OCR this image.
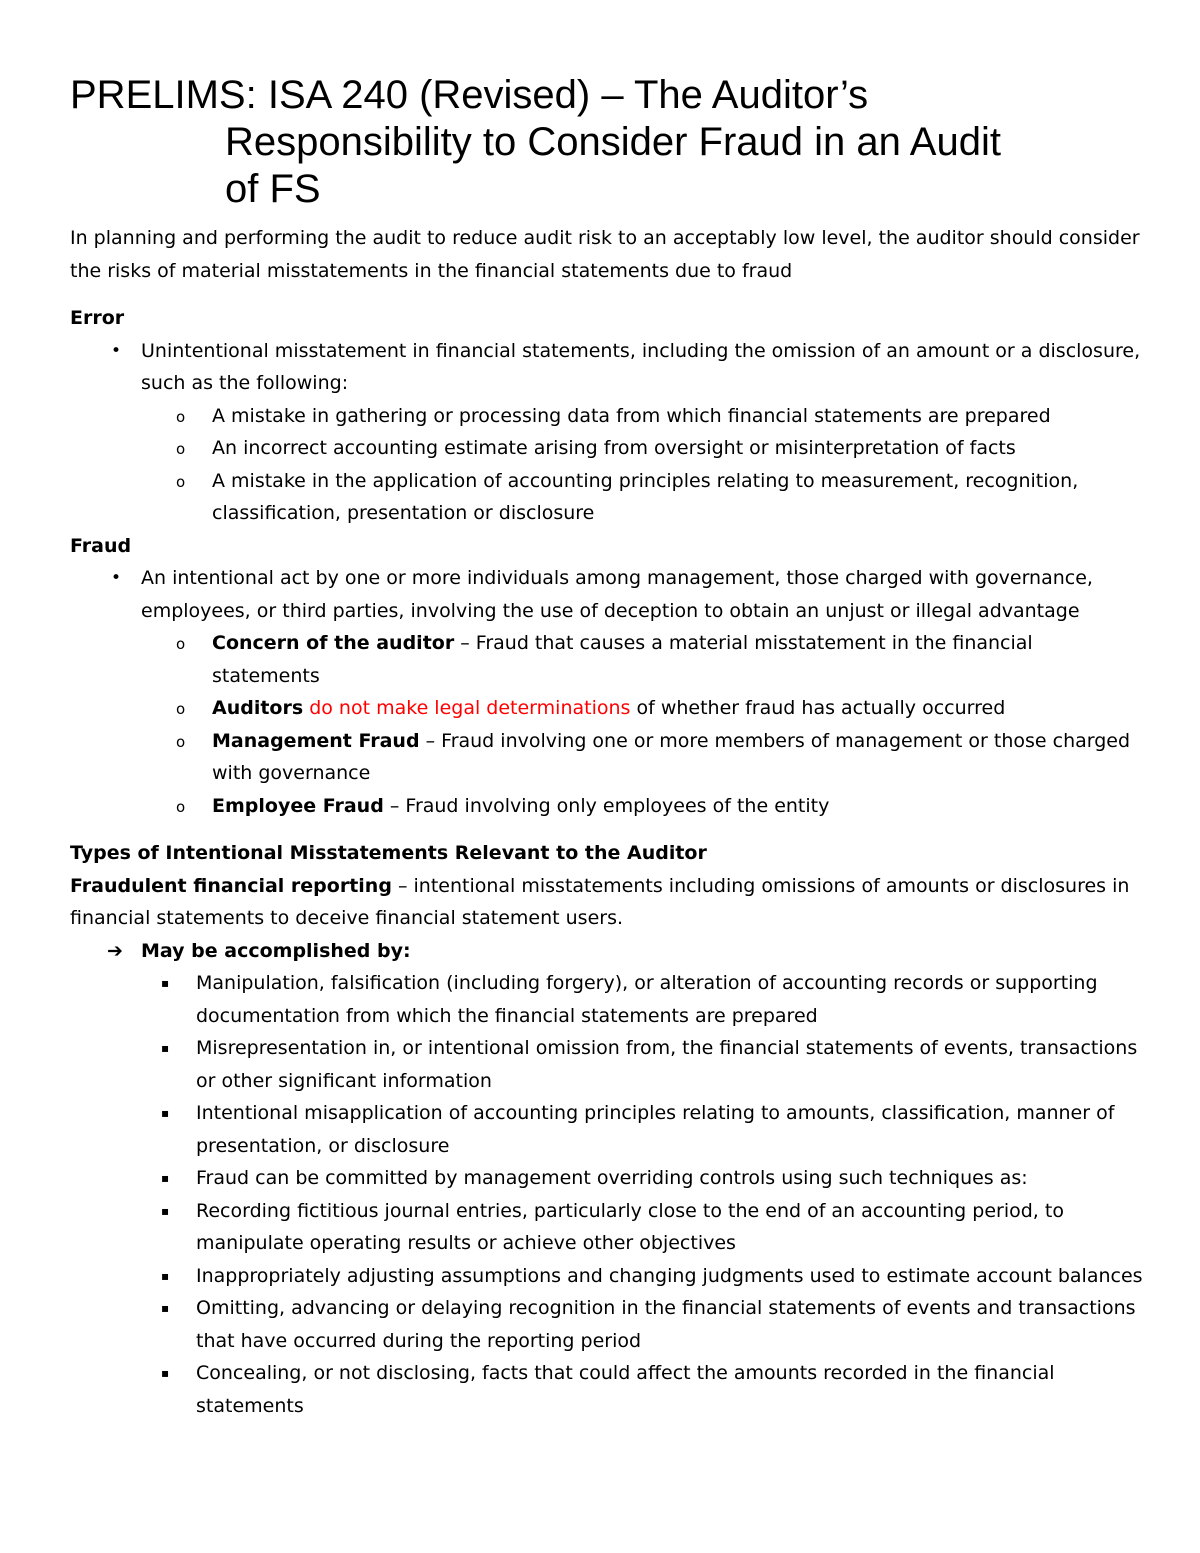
PRELIMS: ISA 240 (Revised) – The Auditor’s
Responsibility to Consider Fraud in an Audit
of FS

In planning and performing the audit to reduce audit risk to an acceptably low level, the auditor should consider the risks of material misstatements in the financial statements due to fraud

Error

• Unintentional misstatement in financial statements, including the omission of an amount or a disclosure, such as the following:
o A mistake in gathering or processing data from which financial statements are prepared
o An incorrect accounting estimate arising from oversight or misinterpretation of facts
o A mistake in the application of accounting principles relating to measurement, recognition, classification, presentation or disclosure

Fraud

• An intentional act by one or more individuals among management, those charged with governance, employees, or third parties, involving the use of deception to obtain an unjust or illegal advantage
o Concern of the auditor – Fraud that causes a material misstatement in the financial statements
o Auditors do not make legal determinations of whether fraud has actually occurred
o Management Fraud – Fraud involving one or more members of management or those charged with governance
o Employee Fraud – Fraud involving only employees of the entity

Types of Intentional Misstatements Relevant to the Auditor

Fraudulent financial reporting – intentional misstatements including omissions of amounts or disclosures in financial statements to deceive financial statement users.

➔ May be accomplished by:
▪ Manipulation, falsification (including forgery), or alteration of accounting records or supporting documentation from which the financial statements are prepared
▪ Misrepresentation in, or intentional omission from, the financial statements of events, transactions or other significant information
▪ Intentional misapplication of accounting principles relating to amounts, classification, manner of presentation, or disclosure
▪ Fraud can be committed by management overriding controls using such techniques as:
▪ Recording fictitious journal entries, particularly close to the end of an accounting period, to manipulate operating results or achieve other objectives
▪ Inappropriately adjusting assumptions and changing judgments used to estimate account balances
▪ Omitting, advancing or delaying recognition in the financial statements of events and transactions that have occurred during the reporting period
▪ Concealing, or not disclosing, facts that could affect the amounts recorded in the financial statements
